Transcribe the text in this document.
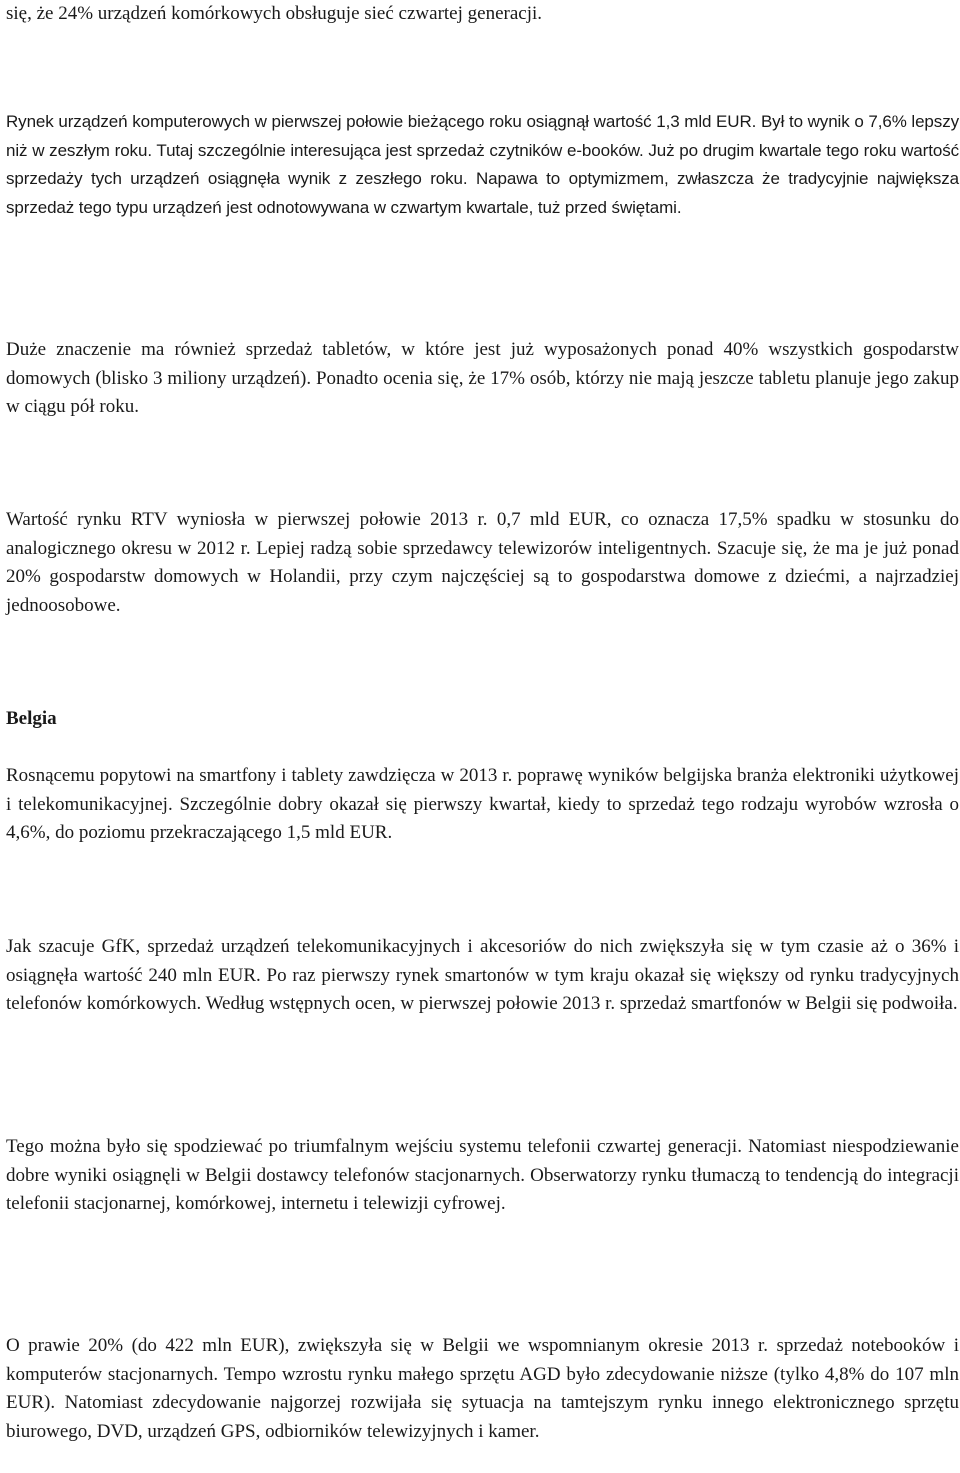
się, że 24% urządzeń komórkowych obsługuje sieć czwartej generacji.

Rynek urządzeń komputerowych w pierwszej połowie bieżącego roku osiągnął wartość 1,3 mld EUR. Był to wynik o 7,6% lepszy niż w zeszłym roku. Tutaj szczególnie interesująca jest sprzedaż czytników e-booków. Już po drugim kwartale tego roku wartość sprzedaży tych urządzeń osiągnęła wynik z zeszłego roku. Napawa to optymizmem, zwłaszcza że tradycyjnie największa sprzedaż tego typu urządzeń jest odnotowywana w czwartym kwartale, tuż przed świętami.

Duże znaczenie ma również sprzedaż tabletów, w które jest już wyposażonych ponad 40% wszystkich gospodarstw domowych (blisko 3 miliony urządzeń). Ponadto ocenia się, że 17% osób, którzy nie mają jeszcze tabletu planuje jego zakup w ciągu pół roku.

Wartość rynku RTV wyniosła w pierwszej połowie 2013 r. 0,7 mld EUR, co oznacza 17,5% spadku w stosunku do analogicznego okresu w 2012 r. Lepiej radzą sobie sprzedawcy telewizorów inteligentnych. Szacuje się, że ma je już ponad 20% gospodarstw domowych w Holandii, przy czym najczęściej są to gospodarstwa domowe z dziećmi, a najrzadziej jednoosobowe.

Belgia

Rosnącemu popytowi na smartfony i tablety zawdzięcza w 2013 r. poprawę wyników belgijska branża elektroniki użytkowej i telekomunikacyjnej. Szczególnie dobry okazał się pierwszy kwartał, kiedy to sprzedaż tego rodzaju wyrobów wzrosła o 4,6%, do poziomu przekraczającego 1,5 mld EUR.

Jak szacuje GfK, sprzedaż urządzeń telekomunikacyjnych i akcesoriów do nich zwiększyła się w tym czasie aż o 36% i osiągnęła wartość 240 mln EUR. Po raz pierwszy rynek smartonów w tym kraju okazał się większy od rynku tradycyjnych telefonów komórkowych. Według wstępnych ocen, w pierwszej połowie 2013 r. sprzedaż smartfonów w Belgii się podwoiła.

Tego można było się spodziewać po triumfalnym wejściu systemu telefonii czwartej generacji. Natomiast niespodziewanie dobre wyniki osiągnęli w Belgii dostawcy telefonów stacjonarnych. Obserwatorzy rynku tłumaczą to tendencją do integracji telefonii stacjonarnej, komórkowej, internetu i telewizji cyfrowej.

O prawie 20% (do 422 mln EUR), zwiększyła się w Belgii we wspomnianym okresie 2013 r. sprzedaż notebooków i komputerów stacjonarnych. Tempo wzrostu rynku małego sprzętu AGD było zdecydowanie niższe (tylko 4,8% do 107 mln EUR). Natomiast zdecydowanie najgorzej rozwijała się sytuacja na tamtejszym rynku innego elektronicznego sprzętu biurowego, DVD, urządzeń GPS, odbiorników telewizyjnych i kamer.
